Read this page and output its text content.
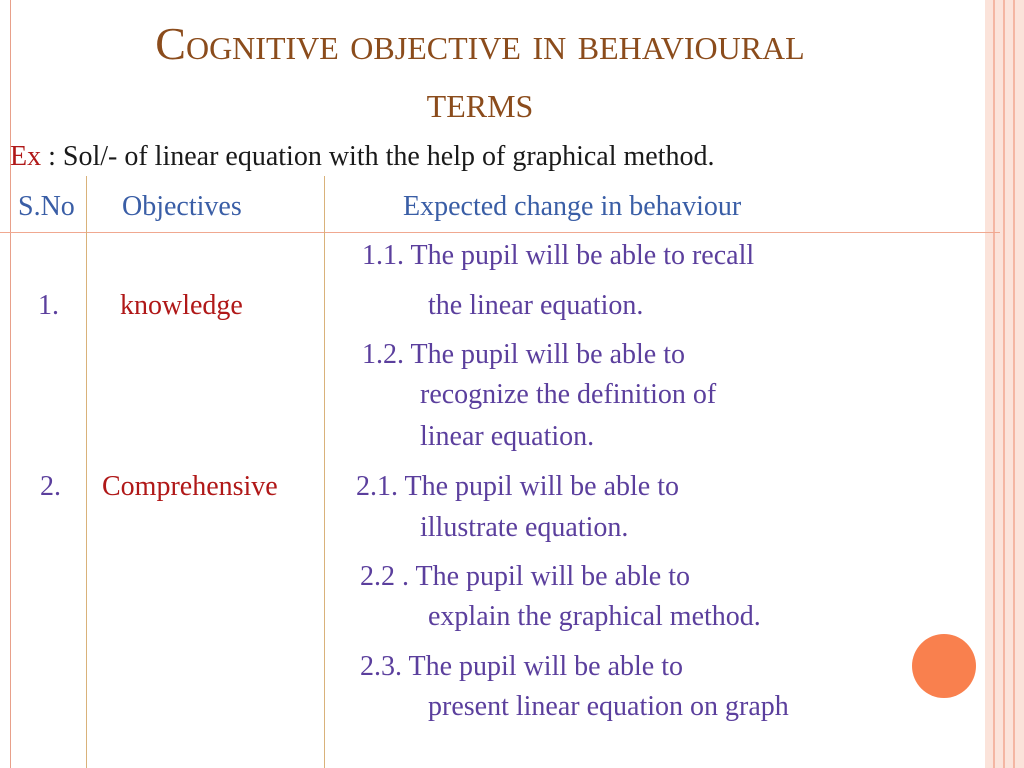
Cognitive objective in behavioural
terms
Ex : Sol/- of linear equation with the help of graphical method.
S.No Objectives	Expected change in behaviour
1. knowledge
1.1. The pupil will be able to recall
the linear equation.
1.2. The pupil will be able to
recognize the definition of
linear equation.
2. Comprehensive	2.1. The pupil will be able to
illustrate equation.
2.2 . The pupil will be able to
explain the graphical method.
2.3. The pupil will be able to
present linear equation on graph
